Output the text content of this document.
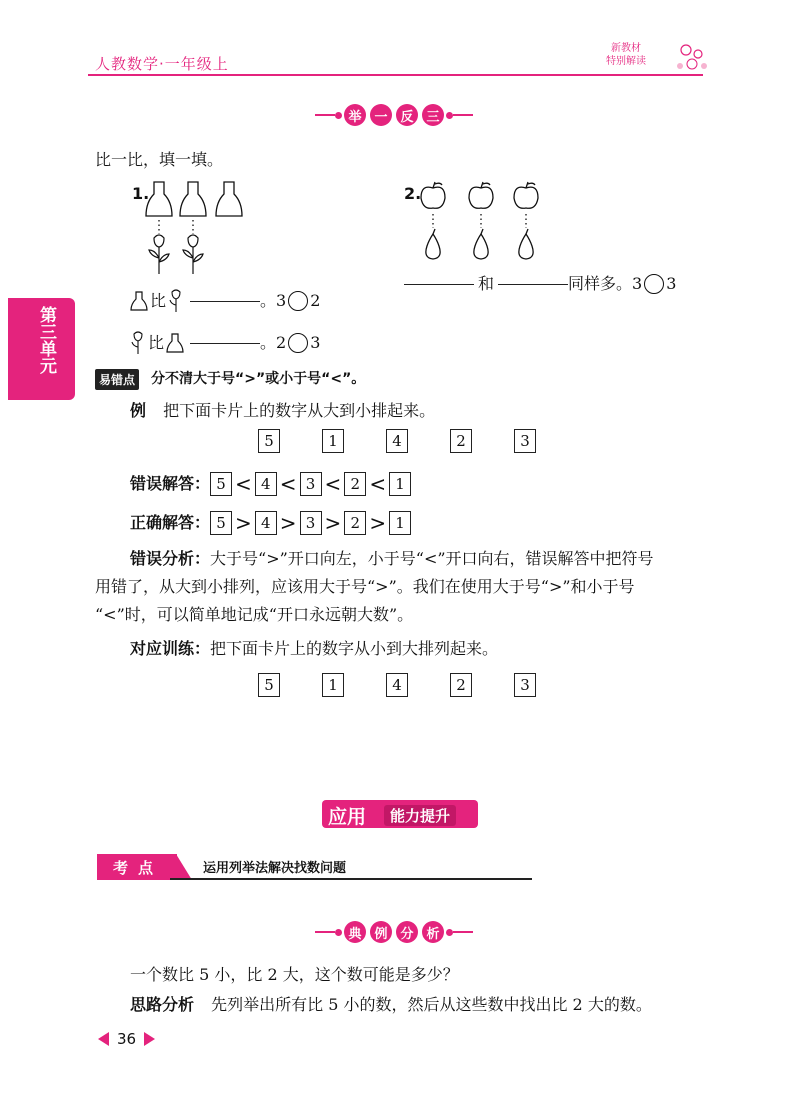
人教数学·一年级上
新教材
特别解读
第三单元
举 一 反 三
比一比，填一填。
1.
比	。3 2
比	。2 3
2.
和	同样多。3 3
易错点 分不清大于号“>”或小于号“<”。
例 把下面卡片上的数字从大到小排起来。
5	1	4	2	3
错误解答： 5 < 4 < 3 < 2 < 1
正确解答： 5 > 4 > 3 > 2 > 1
错误分析：大于号“>”开口向左，小于号“<”开口向右，错误解答中把符号
用错了，从大到小排列，应该用大于号“>”。我们在使用大于号“>”和小于号
“<”时，可以简单地记成“开口永远朝大数”。
对应训练：把下面卡片上的数字从小到大排列起来。
5	1	4	2	3
应用	能力提升
考点	运用列举法解决找数问题
典 例 分 析
一个数比 5 小，比 2 大，这个数可能是多少？
思路分析 先列举出所有比 5 小的数，然后从这些数中找出比 2 大的数。
36
